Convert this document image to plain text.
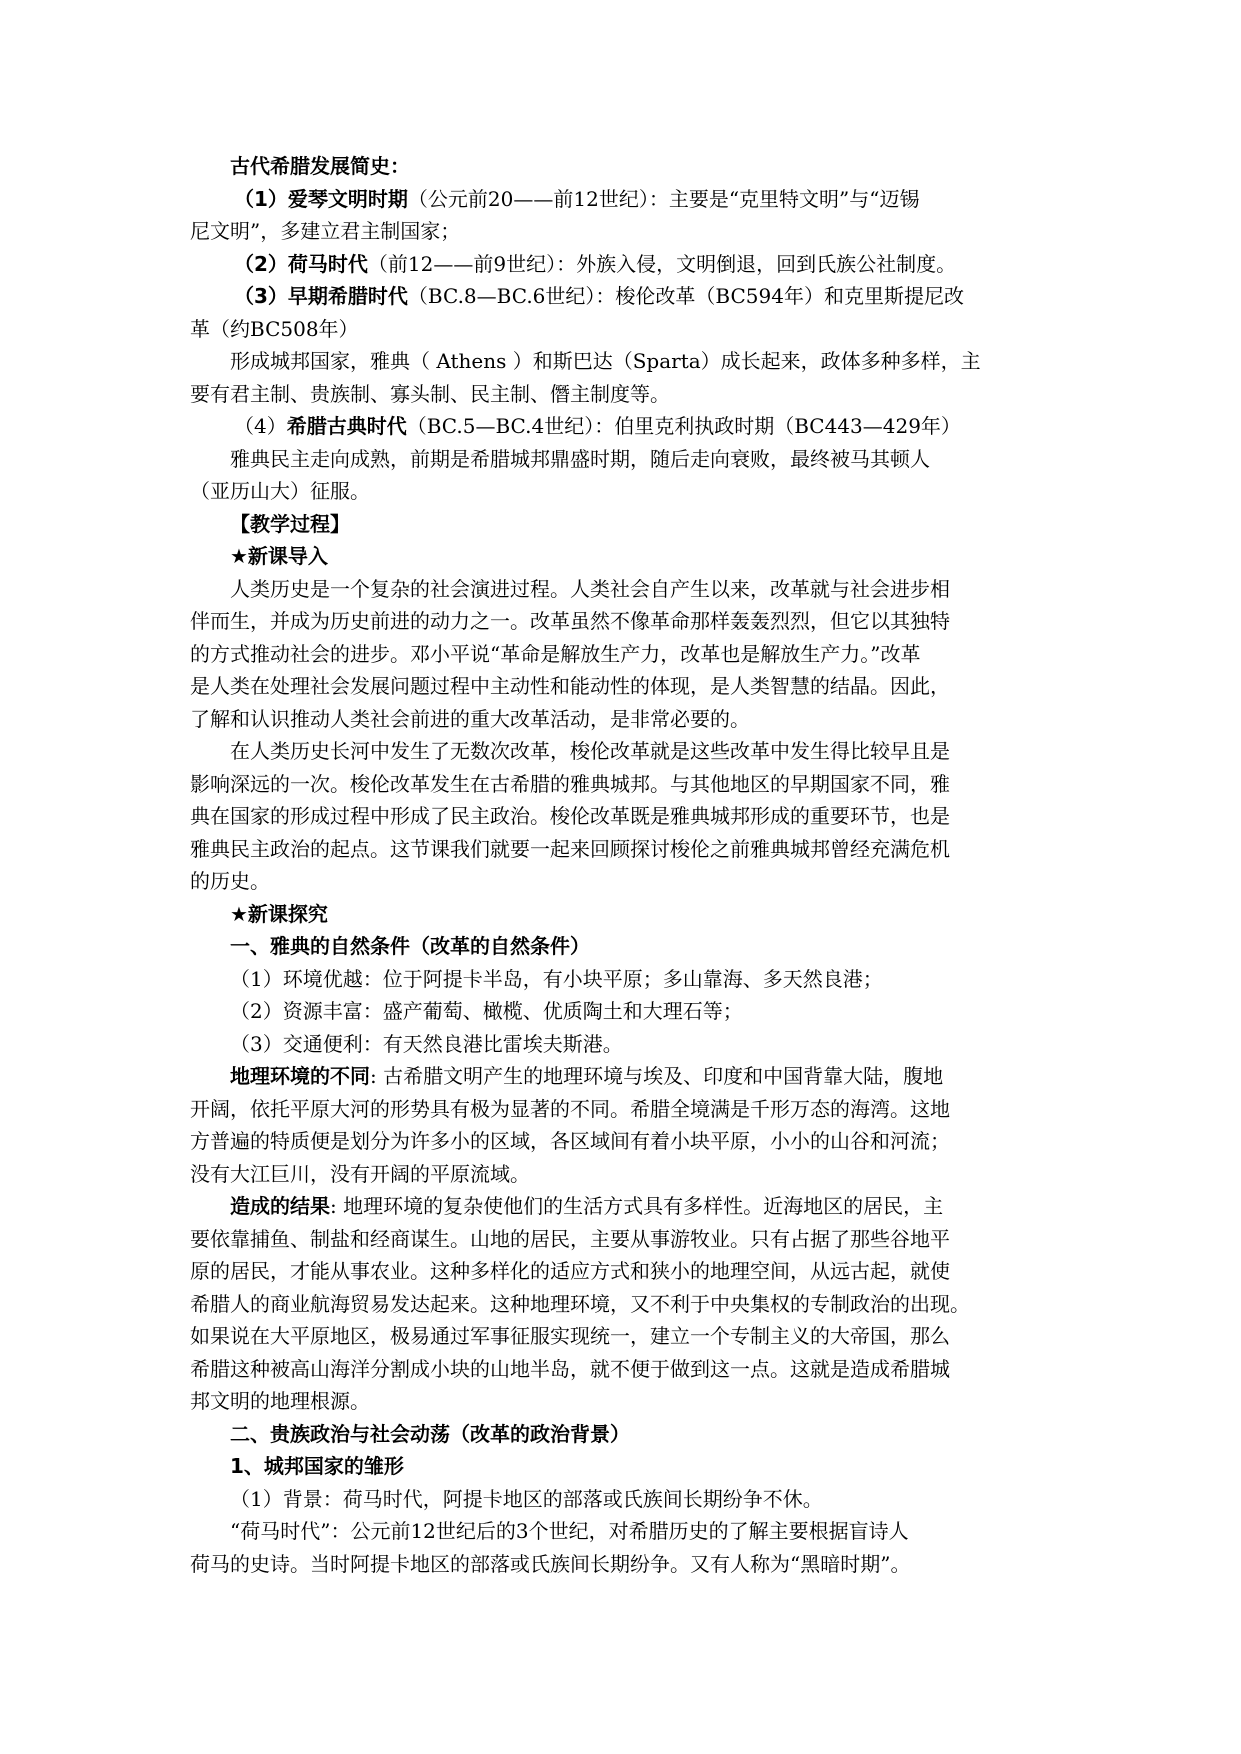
古代希腊发展简史：

（1）爱琴文明时期（公元前20——前12世纪）：主要是“克里特文明”与“迈锡

尼文明”，多建立君主制国家；

（2）荷马时代（前12——前9世纪）：外族入侵，文明倒退，回到氏族公社制度。

（3）早期希腊时代（BC.8—BC.6世纪）：梭伦改革（BC594年）和克里斯提尼改

革（约BC508年）

形成城邦国家，雅典（ Athens ）和斯巴达（Sparta）成长起来，政体多种多样，主

要有君主制、贵族制、寡头制、民主制、僭主制度等。

（4）希腊古典时代（BC.5—BC.4世纪）：伯里克利执政时期（BC443—429年）

雅典民主走向成熟，前期是希腊城邦鼎盛时期，随后走向衰败，最终被马其顿人

（亚历山大）征服。

【教学过程】

★新课导入

人类历史是一个复杂的社会演进过程。人类社会自产生以来，改革就与社会进步相

伴而生，并成为历史前进的动力之一。改革虽然不像革命那样轰轰烈烈，但它以其独特

的方式推动社会的进步。邓小平说“革命是解放生产力，改革也是解放生产力。”改革

是人类在处理社会发展问题过程中主动性和能动性的体现，是人类智慧的结晶。因此，

了解和认识推动人类社会前进的重大改革活动，是非常必要的。

在人类历史长河中发生了无数次改革，梭伦改革就是这些改革中发生得比较早且是

影响深远的一次。梭伦改革发生在古希腊的雅典城邦。与其他地区的早期国家不同，雅

典在国家的形成过程中形成了民主政治。梭伦改革既是雅典城邦形成的重要环节，也是

雅典民主政治的起点。这节课我们就要一起来回顾探讨梭伦之前雅典城邦曾经充满危机

的历史。

★新课探究

一、雅典的自然条件（改革的自然条件）

（1）环境优越：位于阿提卡半岛，有小块平原；多山靠海、多天然良港；

（2）资源丰富：盛产葡萄、橄榄、优质陶土和大理石等；

（3）交通便利：有天然良港比雷埃夫斯港。

地理环境的不同: 古希腊文明产生的地理环境与埃及、印度和中国背靠大陆，腹地

开阔，依托平原大河的形势具有极为显著的不同。希腊全境满是千形万态的海湾。这地

方普遍的特质便是划分为许多小的区域，各区域间有着小块平原，小小的山谷和河流；

没有大江巨川，没有开阔的平原流域。

造成的结果: 地理环境的复杂使他们的生活方式具有多样性。近海地区的居民，主

要依靠捕鱼、制盐和经商谋生。山地的居民，主要从事游牧业。只有占据了那些谷地平

原的居民，才能从事农业。这种多样化的适应方式和狭小的地理空间，从远古起，就使

希腊人的商业航海贸易发达起来。这种地理环境，又不利于中央集权的专制政治的出现。

如果说在大平原地区，极易通过军事征服实现统一，建立一个专制主义的大帝国，那么

希腊这种被高山海洋分割成小块的山地半岛，就不便于做到这一点。这就是造成希腊城

邦文明的地理根源。

二、贵族政治与社会动荡（改革的政治背景）

1、城邦国家的雏形

（1）背景：荷马时代，阿提卡地区的部落或氏族间长期纷争不休。

“荷马时代”：公元前12世纪后的3个世纪，对希腊历史的了解主要根据盲诗人

荷马的史诗。当时阿提卡地区的部落或氏族间长期纷争。又有人称为“黑暗时期”。
